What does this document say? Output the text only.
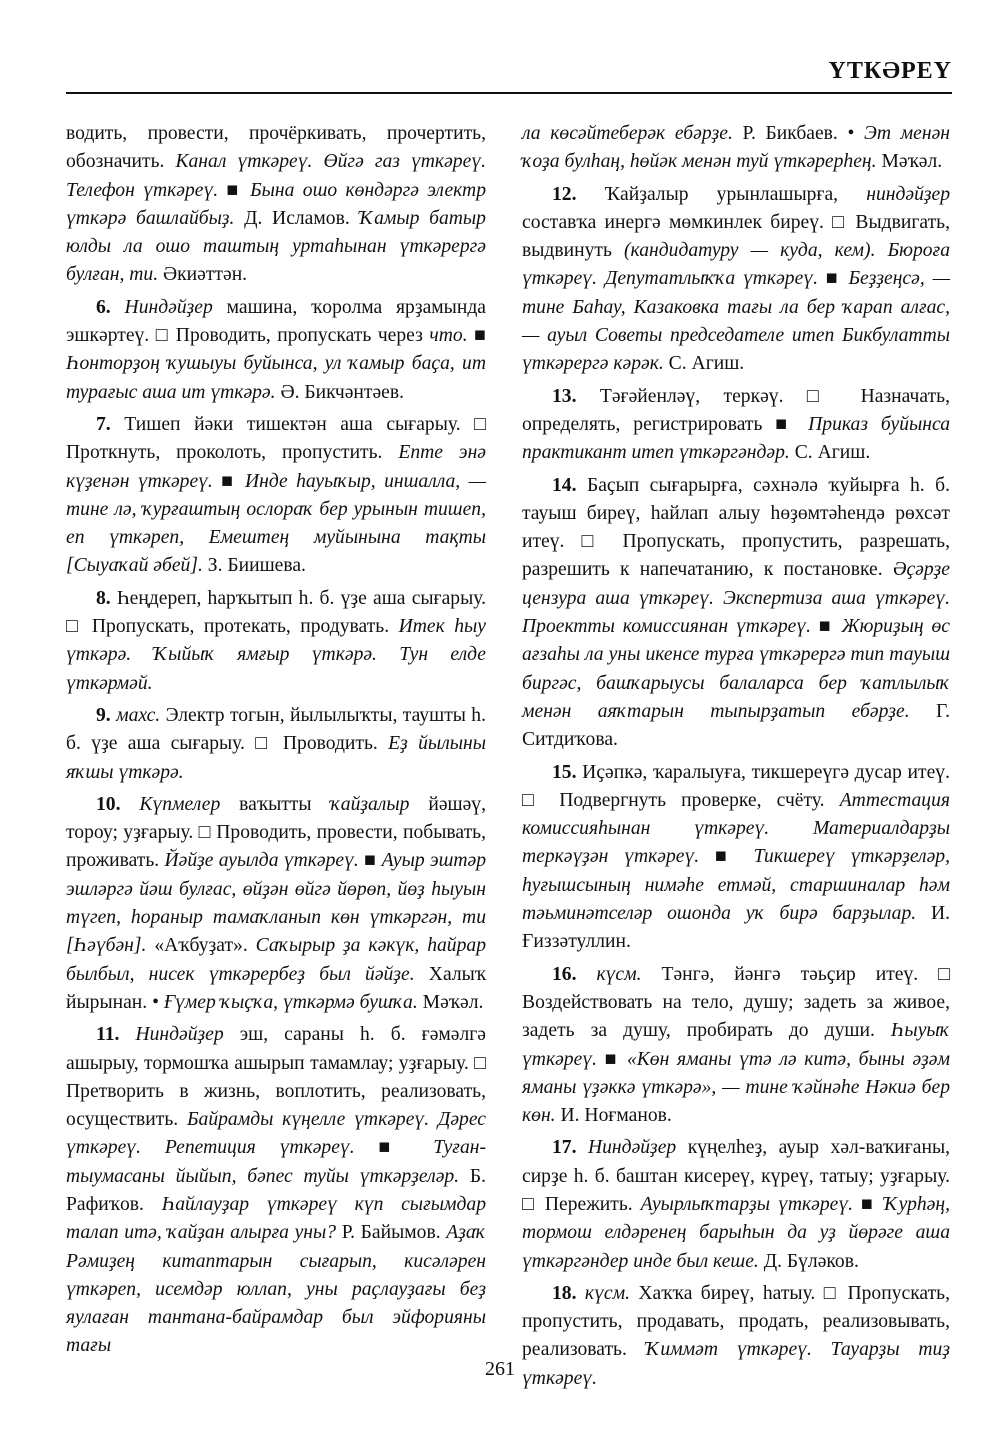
ҮТКӘРЕҮ

водить, провести, прочёркивать, прочертить, обозначить. Канал үткәреү. Өйгә газ үткәреү. Телефон үткәреү. ■ Бына ошо көндәргә электр үткәрә башлайбыҙ. Д. Исламов. Ҡамыр батыр юлды ла ошо таштың уртаһынан үткәрергә булған, ти. Әкиәттән.

6. Ниндәйҙер машина, ҡоролма ярҙамында эшкәртеү. □ Проводить, пропускать через что. ■ Һонторҙоң ҡушыуы буйынса, ул ҡамыр баҫа, ит турағыс аша ит үткәрә. Ә. Бикчәнтәев.

7. Тишеп йәки тишектән аша сығарыу. □ Проткнуть, проколоть, пропустить. Ептe энә күҙенән үткәреү. ■ Инде һауыҡыр, иншалла, — тине лә, ҡурғаштың ослораҡ бер урынын тишеп, еп үткәреп, Емештең муйынына тақты [Сыуаҡай әбей]. З. Биишева.

8. Һеңдереп, һарҡытып һ. б. үҙе аша сығарыу. □ Пропускать, протекать, продувать. Итек һыу үткәрә. Ҡыйыҡ ямғыр үткәрә. Тун елде үткәрмәй.

9. махс. Электр тогын, йылылыҡты, таушты һ. б. үҙе аша сығарыу. □ Проводить. Еҙ йылыны яҡшы үткәрә.

10. Күпмелер ваҡытты ҡайҙалыр йәшәү, тороу; уҙғарыу. □ Проводить, провести, побывать, проживать. Йәйҙе ауылда үткәреү. ■ Ауыр эштәр эшләргә йәш булғас, өйҙән өйгә йөрөп, йөҙ һыуын түгеп, һораныр тамаҡланып көн үткәргән, ти [Һәүбән]. «Аҡбуҙат». Саҡырыр ҙа кәкүк, һайрар былбыл, нисек үткәрербеҙ был йәйҙе. Халыҡ йырынан. • Ғүмер ҡыҫҡа, үткәрмә бушҡа. Мәҡәл.

11. Ниндәйҙер эш, сараны һ. б. ғәмәлгә ашырыу, тормошҡа ашырып тамамлау; уҙғарыу. □ Претворить в жизнь, воплотить, реализовать, осуществить. Байрамды күңелле үткәреү. Дәрес үткәреү. Репетиция үткәреү. ■ Туған-тыумасаны йыйып, бәпес туйы үткәрҙеләр. Б. Рафиҡов. Һайлауҙар үткәреү күп сығымдар талап итә, ҡайҙан алырға уны? Р. Байымов. Аҙаҡ Рәмиҙең китаптарын сығарып, кисәләрен үткәреп, исемдәр юллап, уны раҫлауҙағы беҙ яулаған тантана-байрамдар был эйфорияны тағы

ла көсәйтеберәк ебәрҙе. Р. Бикбаев. • Эт менән ҡоҙа булһаң, һөйәк менән туй үткәрерһең. Мәҡәл.

12. Ҡайҙалыр урынлашырға, ниндәйҙер составҡа инергә мөмкинлек биреү. □ Выдвигать, выдвинуть (кандидатуру — куда, кем). Бюроға үткәреү. Депутатлыҡҡа үткәреү. ■ Беҙҙеңсә, — тине Баһау, Казаковка тағы ла бер ҡарап алғас, — ауыл Советы председателе итеп Бикбулатты үткәрергә кәрәк. С. Агиш.

13. Тәғәйенләү, теркәү. □ Назначать, определять, регистрировать ■ Приказ буйынса практикант итеп үткәргәндәр. С. Агиш.

14. Баҫып сығарырға, сәхнәлә ҡуйырға һ. б. тауыш биреү, һайлап алыу һөҙөмтәһендә рөхсәт итеү. □ Пропускать, пропустить, разрешать, разрешить к напечатанию, к постановке. Әҫәрҙе цензура аша үткәреү. Экспертиза аша үткәреү. Проектты комиссиянан үткәреү. ■ Жюриҙың өс ағзаһы ла уны икенсе турға үткәрергә тип тауыш биргәс, башҡарыусы балаларса бер ҡатлылыҡ менән аяҡтарын тыпырҙатып ебәрҙе. Г. Ситдиҡова.

15. Иҫәпкә, ҡаралыуға, тикшереүгә дусар итеү. □ Подвергнуть проверке, счёту. Аттестация комиссияһынан үткәреү. Материалдарҙы теркәүҙән үткәреү. ■ Тикшереү үткәрҙеләр, һуғышсының нимәһе етмәй, старшиналар һәм тәьминәтселәр ошонда уҡ бирә барҙылар. И. Ғиззәтуллин.

16. күсм. Тәнгә, йәнгә тәьҫир итеү. □ Воздействовать на тело, душу; задеть за живое, задеть за душу, пробирать до души. Һыуыҡ үткәреү. ■ «Көн яманы үтә лә китә, быны әҙәм яманы үҙәккә үткәрә», — тине ҡәйнәһе Нәкиә бер көн. И. Ноғманов.

17. Ниндәйҙер күңелһеҙ, ауыр хәл-ваҡиғаны, сирҙе һ. б. баштан кисереү, күреү, татыу; уҙғарыу. □ Пережить. Ауырлыҡтарҙы үткәреү. ■ Ҡурһәң, тормош елдәренең барыһын да уҙ йөрәге аша үткәргәндер инде был кеше. Д. Бүләков.

18. күсм. Хаҡҡа биреү, һатыу. □ Пропускать, пропустить, продавать, продать, реализовывать, реализовать. Ҡиммәт үткәреү. Тауарҙы тиҙ үткәреү.

261
